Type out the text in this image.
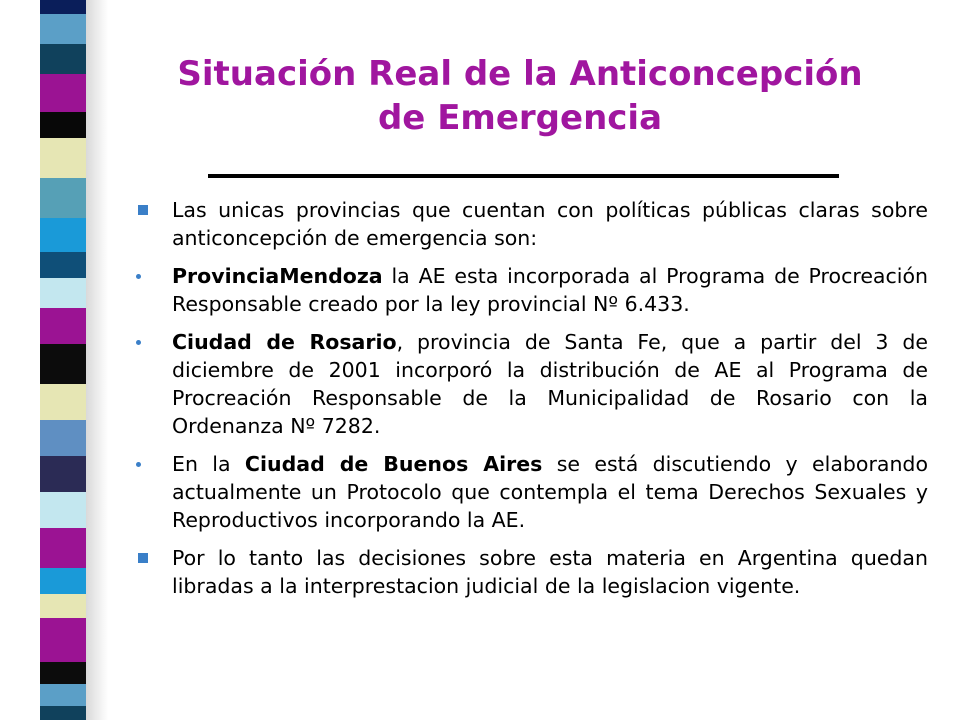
Situación Real de la Anticoncepción
de Emergencia

Las unicas provincias que cuentan con políticas públicas claras sobre anticoncepción de emergencia son:

ProvinciaMendoza la AE esta incorporada al Programa de Procreación Responsable creado por la ley provincial Nº 6.433.

Ciudad de Rosario, provincia de Santa Fe, que a partir del 3 de diciembre de 2001 incorporó la distribución de AE al Programa de Procreación Responsable de la Municipalidad de Rosario con la Ordenanza Nº 7282.

En la Ciudad de Buenos Aires se está discutiendo y elaborando actualmente un Protocolo que contempla el tema Derechos Sexuales y Reproductivos incorporando la AE.

Por lo tanto las decisiones sobre esta materia en Argentina quedan libradas a la interprestacion judicial de la legislacion vigente.
